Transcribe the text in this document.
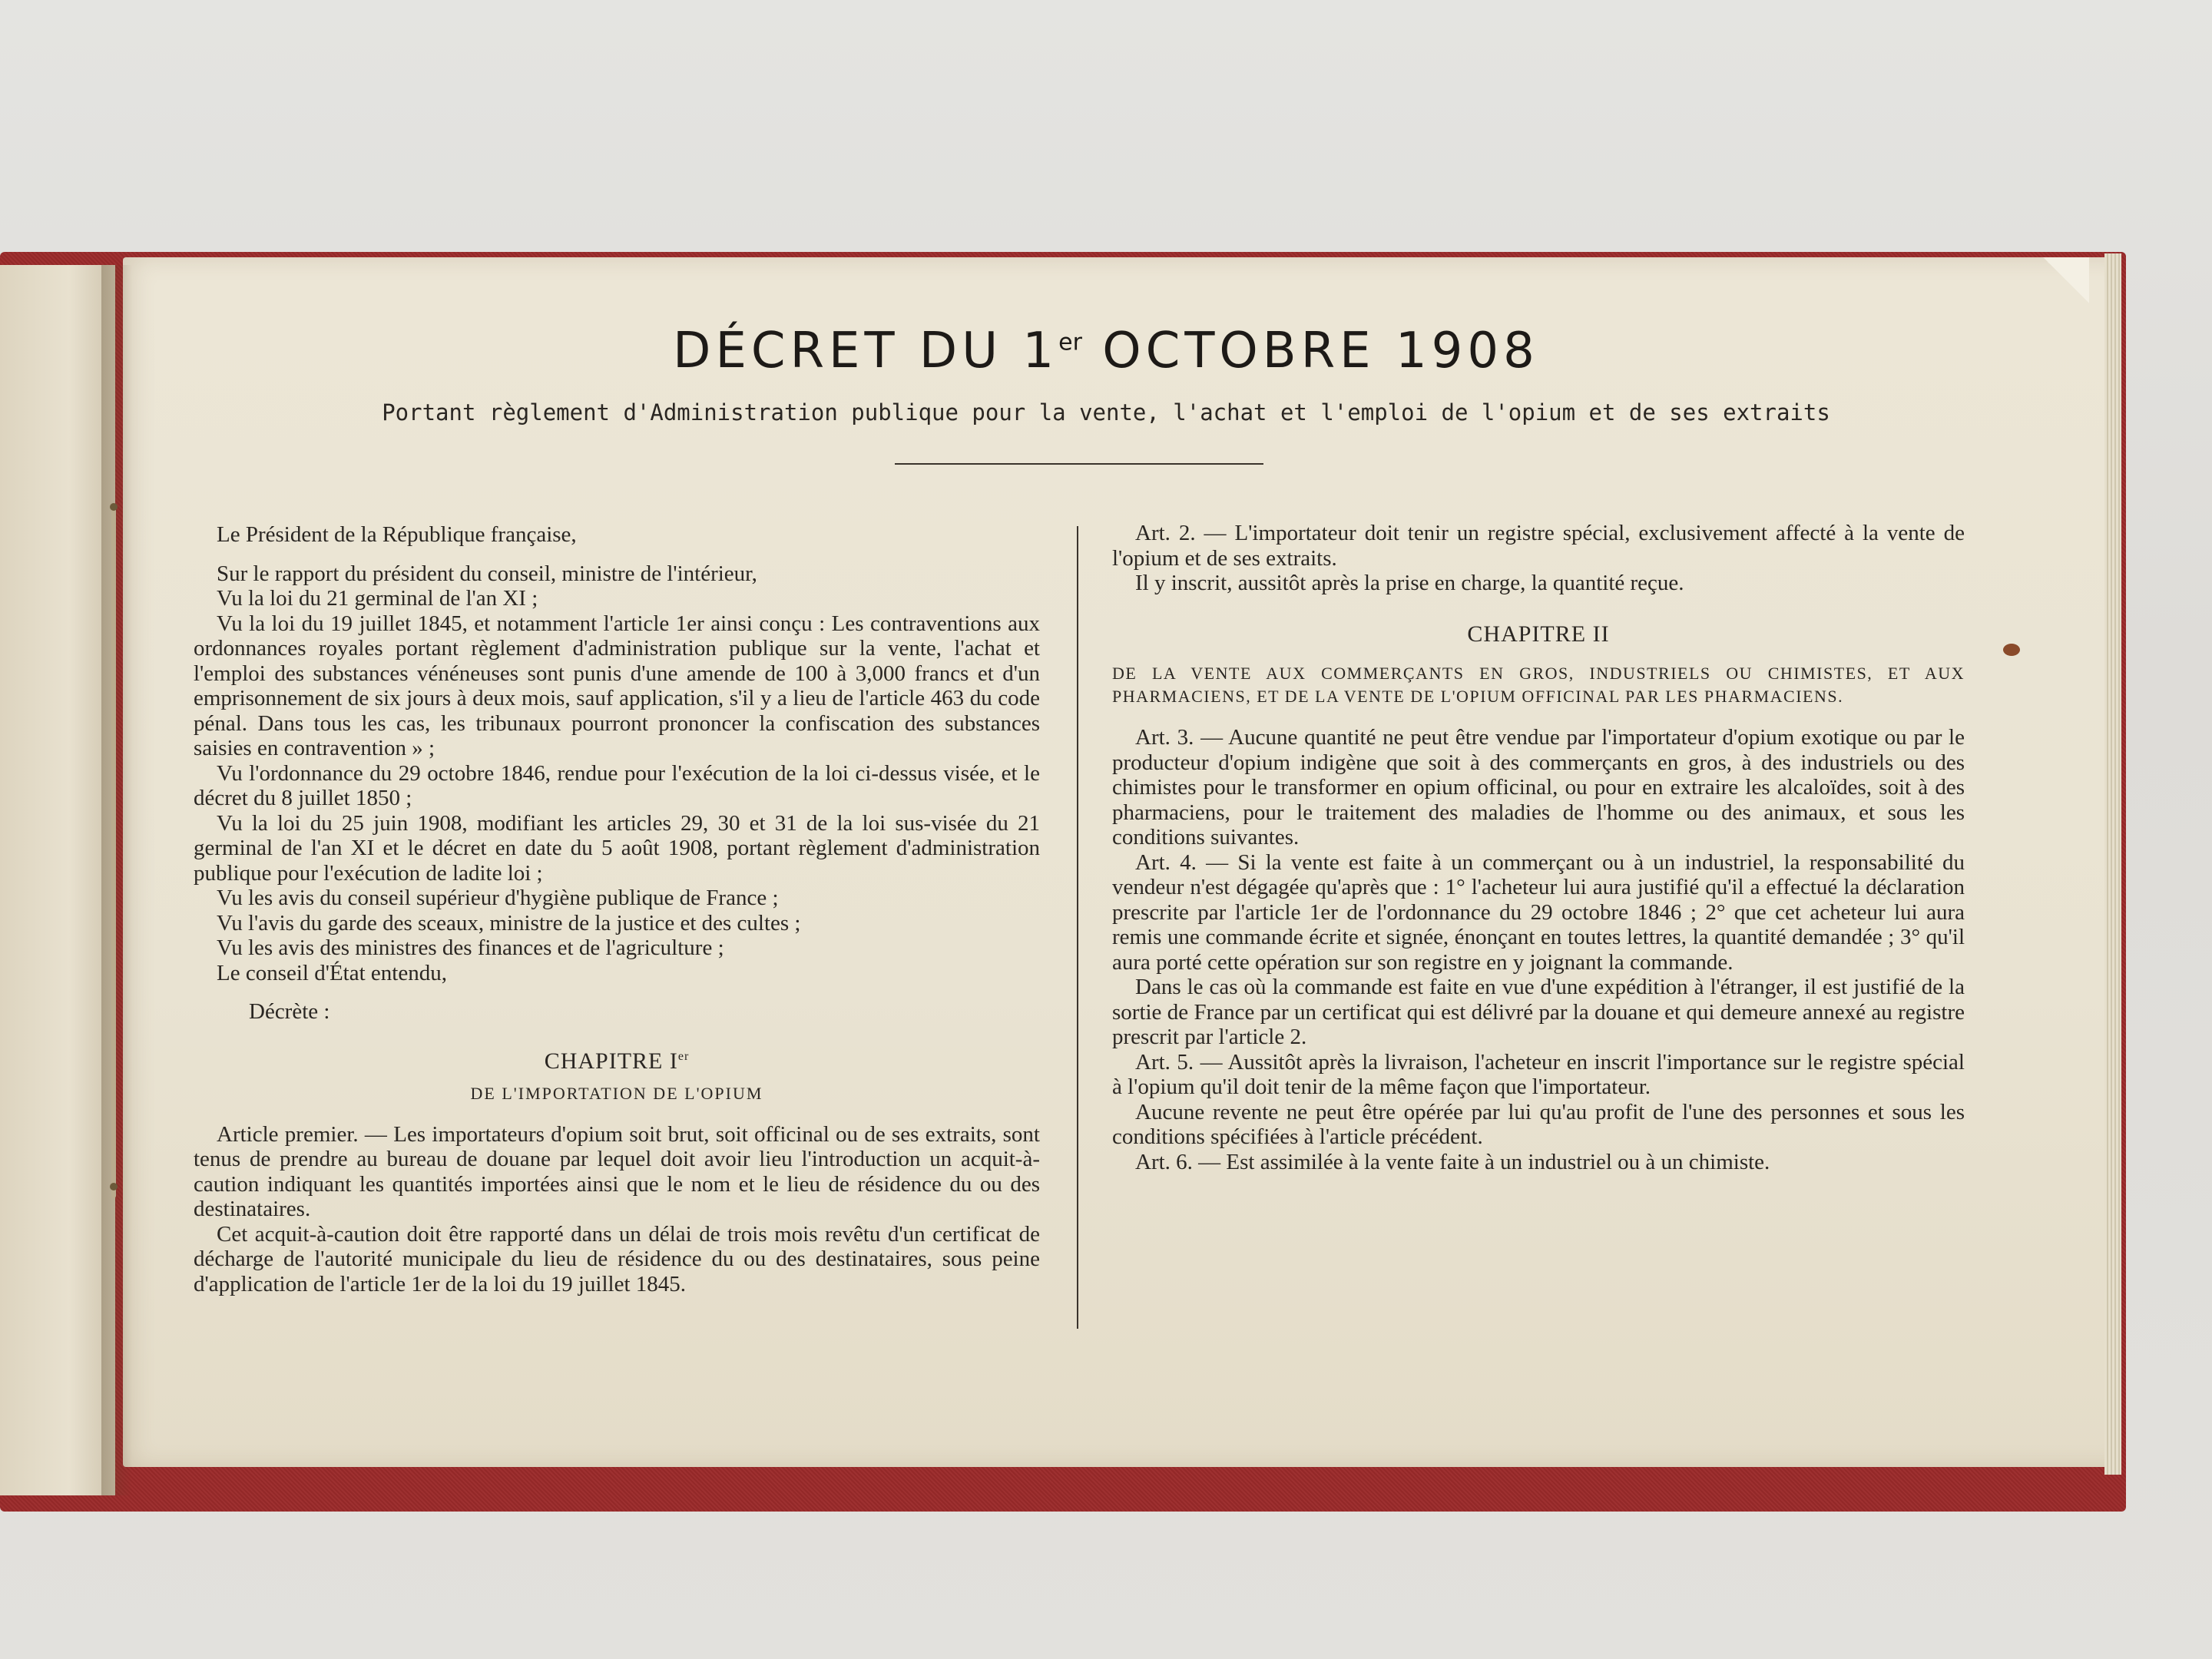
DÉCRET DU 1er OCTOBRE 1908
Portant règlement d'Administration publique pour la vente, l'achat et l'emploi de l'opium et de ses extraits

Le Président de la République française,

Sur le rapport du président du conseil, ministre de l'intérieur,

Vu la loi du 21 germinal de l'an XI ;

Vu la loi du 19 juillet 1845, et notamment l'article 1er ainsi conçu : Les contraventions aux ordonnances royales portant règlement d'administration publique sur la vente, l'achat et l'emploi des substances vénéneuses sont punis d'une amende de 100 à 3,000 francs et d'un emprisonnement de six jours à deux mois, sauf application, s'il y a lieu de l'article 463 du code pénal. Dans tous les cas, les tribunaux pourront prononcer la confiscation des substances saisies en contravention » ;

Vu l'ordonnance du 29 octobre 1846, rendue pour l'exécution de la loi ci-dessus visée, et le décret du 8 juillet 1850 ;

Vu la loi du 25 juin 1908, modifiant les articles 29, 30 et 31 de la loi sus-visée du 21 germinal de l'an XI et le décret en date du 5 août 1908, portant règlement d'administration publique pour l'exécution de ladite loi ;

Vu les avis du conseil supérieur d'hygiène publique de France ;

Vu l'avis du garde des sceaux, ministre de la justice et des cultes ;

Vu les avis des ministres des finances et de l'agriculture ;

Le conseil d'État entendu,

Décrète :

CHAPITRE Ier
DE L'IMPORTATION DE L'OPIUM

Article premier. — Les importateurs d'opium soit brut, soit officinal ou de ses extraits, sont tenus de prendre au bureau de douane par lequel doit avoir lieu l'introduction un acquit-à-caution indiquant les quantités importées ainsi que le nom et le lieu de résidence du ou des destinataires.

Cet acquit-à-caution doit être rapporté dans un délai de trois mois revêtu d'un certificat de décharge de l'autorité municipale du lieu de résidence du ou des destinataires, sous peine d'application de l'article 1er de la loi du 19 juillet 1845.

Art. 2. — L'importateur doit tenir un registre spécial, exclusivement affecté à la vente de l'opium et de ses extraits.

Il y inscrit, aussitôt après la prise en charge, la quantité reçue.

CHAPITRE II
DE LA VENTE AUX COMMERÇANTS EN GROS, INDUSTRIELS OU CHIMISTES, ET AUX PHARMACIENS, ET DE LA VENTE DE L'OPIUM OFFICINAL PAR LES PHARMACIENS.

Art. 3. — Aucune quantité ne peut être vendue par l'importateur d'opium exotique ou par le producteur d'opium indigène que soit à des commerçants en gros, à des industriels ou des chimistes pour le transformer en opium officinal, ou pour en extraire les alcaloïdes, soit à des pharmaciens, pour le traitement des maladies de l'homme ou des animaux, et sous les conditions suivantes.

Art. 4. — Si la vente est faite à un commerçant ou à un industriel, la responsabilité du vendeur n'est dégagée qu'après que : 1° l'acheteur lui aura justifié qu'il a effectué la déclaration prescrite par l'article 1er de l'ordonnance du 29 octobre 1846 ; 2° que cet acheteur lui aura remis une commande écrite et signée, énonçant en toutes lettres, la quantité demandée ; 3° qu'il aura porté cette opération sur son registre en y joignant la commande.

Dans le cas où la commande est faite en vue d'une expédition à l'étranger, il est justifié de la sortie de France par un certificat qui est délivré par la douane et qui demeure annexé au registre prescrit par l'article 2.

Art. 5. — Aussitôt après la livraison, l'acheteur en inscrit l'importance sur le registre spécial à l'opium qu'il doit tenir de la même façon que l'importateur.

Aucune revente ne peut être opérée par lui qu'au profit de l'une des personnes et sous les conditions spécifiées à l'article précédent.

Art. 6. — Est assimilée à la vente faite à un industriel ou à un chimiste.
